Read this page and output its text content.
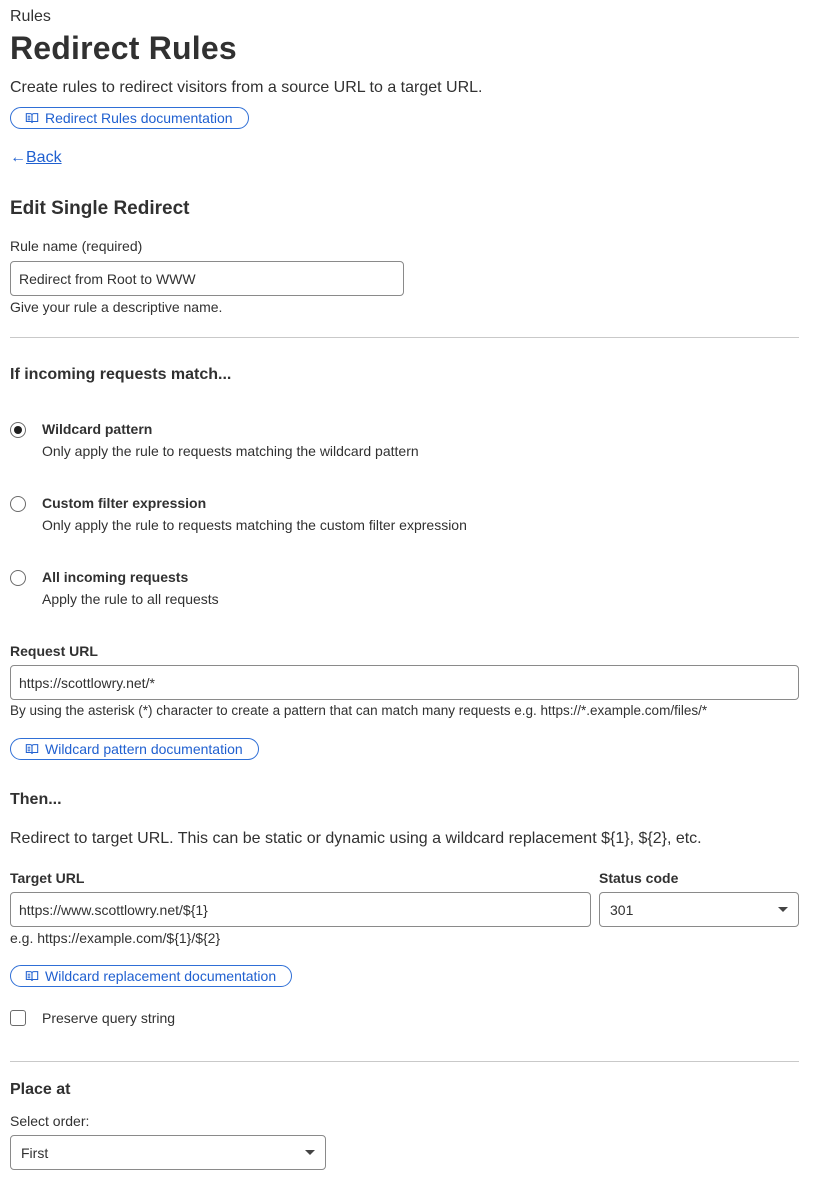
Rules
Redirect Rules
Create rules to redirect visitors from a source URL to a target URL.
Redirect Rules documentation
← Back
Edit Single Redirect
Rule name (required)
Redirect from Root to WWW
Give your rule a descriptive name.
If incoming requests match...
Wildcard pattern
Only apply the rule to requests matching the wildcard pattern
Custom filter expression
Only apply the rule to requests matching the custom filter expression
All incoming requests
Apply the rule to all requests
Request URL
https://scottlowry.net/*
By using the asterisk (*) character to create a pattern that can match many requests e.g. https://*.example.com/files/*
Wildcard pattern documentation
Then...
Redirect to target URL. This can be static or dynamic using a wildcard replacement ${1}, ${2}, etc.
Target URL
https://www.scottlowry.net/${1}
e.g. https://example.com/${1}/${2}
Status code
301
Wildcard replacement documentation
Preserve query string
Place at
Select order:
First
